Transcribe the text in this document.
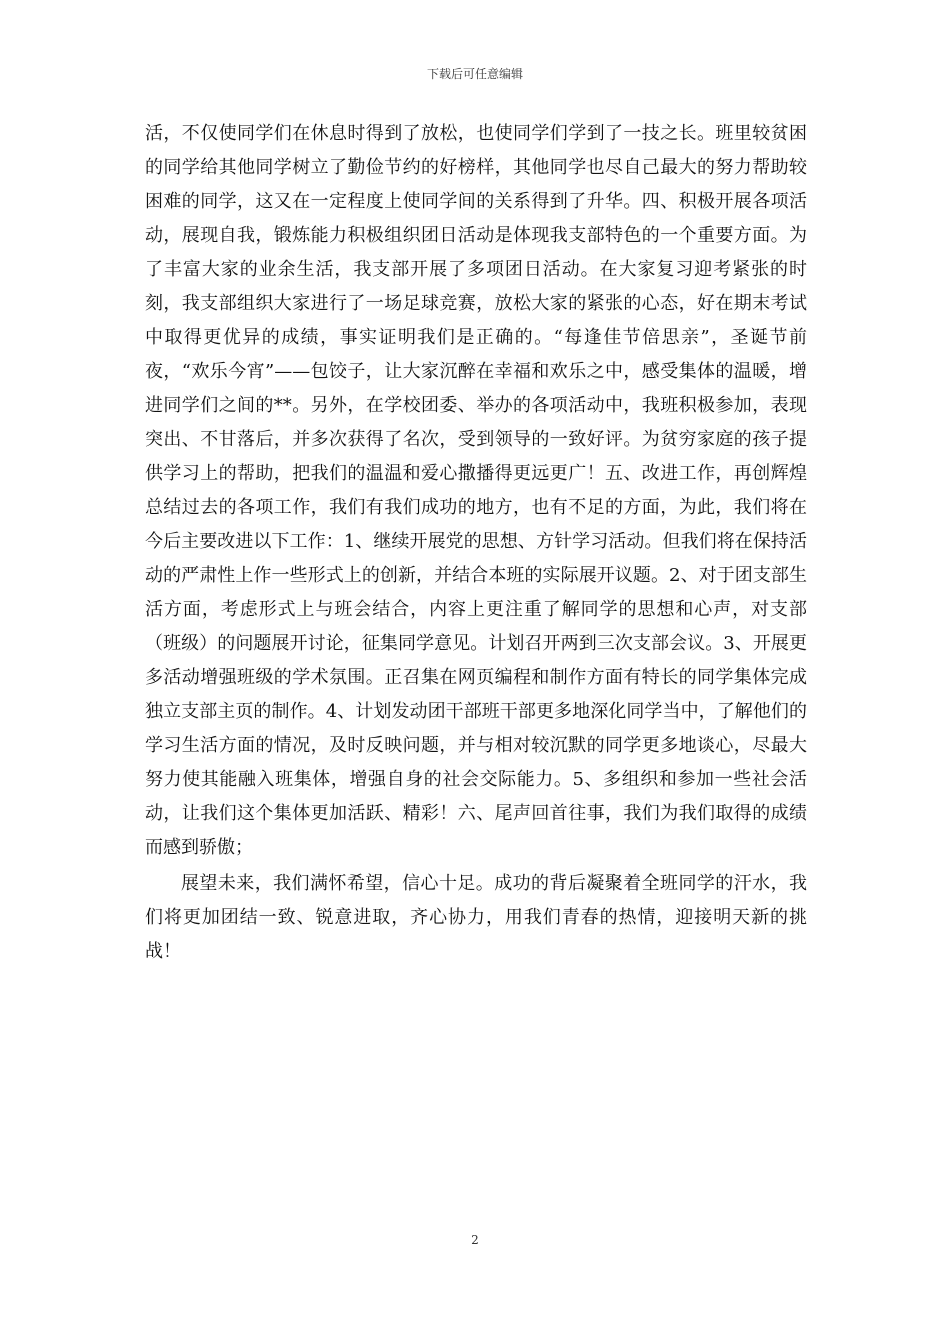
下载后可任意编辑

活，不仅使同学们在休息时得到了放松，也使同学们学到了一技之长。班里较贫困的同学给其他同学树立了勤俭节约的好榜样，其他同学也尽自己最大的努力帮助较困难的同学，这又在一定程度上使同学间的关系得到了升华。四、积极开展各项活动，展现自我，锻炼能力积极组织团日活动是体现我支部特色的一个重要方面。为了丰富大家的业余生活，我支部开展了多项团日活动。在大家复习迎考紧张的时刻，我支部组织大家进行了一场足球竞赛，放松大家的紧张的心态，好在期末考试中取得更优异的成绩，事实证明我们是正确的。“每逢佳节倍思亲”，圣诞节前夜，“欢乐今宵”——包饺子，让大家沉醉在幸福和欢乐之中，感受集体的温暖，增进同学们之间的**。另外，在学校团委、举办的各项活动中，我班积极参加，表现突出、不甘落后，并多次获得了名次，受到领导的一致好评。为贫穷家庭的孩子提供学习上的帮助，把我们的温温和爱心撒播得更远更广！五、改进工作，再创辉煌总结过去的各项工作，我们有我们成功的地方，也有不足的方面，为此，我们将在今后主要改进以下工作：1、继续开展党的思想、方针学习活动。但我们将在保持活动的严肃性上作一些形式上的创新，并结合本班的实际展开议题。2、对于团支部生活方面，考虑形式上与班会结合，内容上更注重了解同学的思想和心声，对支部（班级）的问题展开讨论，征集同学意见。计划召开两到三次支部会议。3、开展更多活动增强班级的学术氛围。正召集在网页编程和制作方面有特长的同学集体完成独立支部主页的制作。4、计划发动团干部班干部更多地深化同学当中，了解他们的学习生活方面的情况，及时反映问题，并与相对较沉默的同学更多地谈心，尽最大努力使其能融入班集体，增强自身的社会交际能力。5、多组织和参加一些社会活动，让我们这个集体更加活跃、精彩！六、尾声回首往事，我们为我们取得的成绩而感到骄傲；

展望未来，我们满怀希望，信心十足。成功的背后凝聚着全班同学的汗水，我们将更加团结一致、锐意进取，齐心协力，用我们青春的热情，迎接明天新的挑战！

2
